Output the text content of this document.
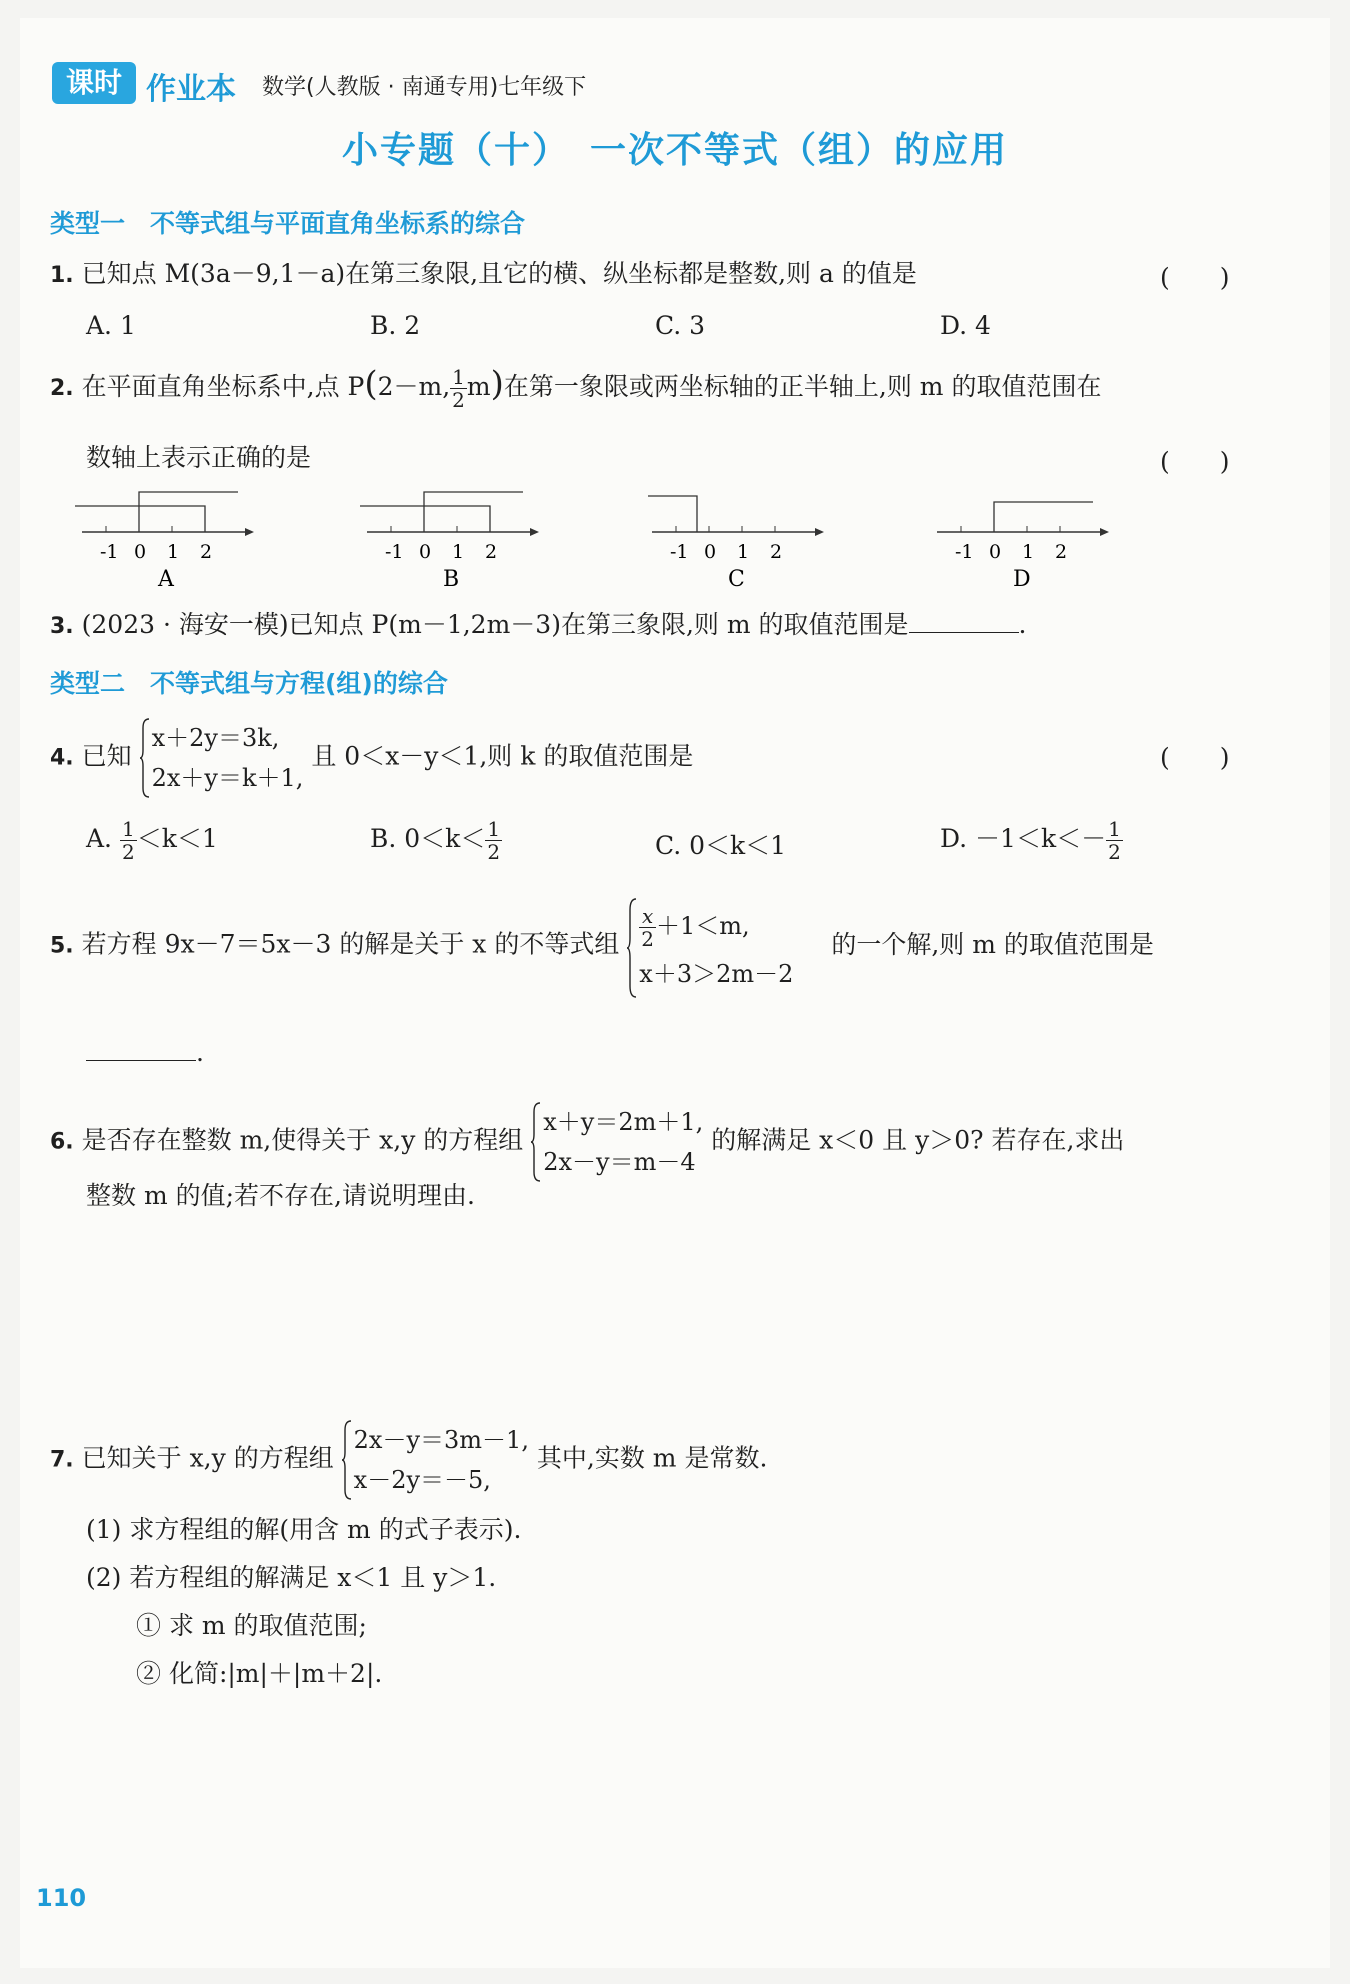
课时 作业本 数学(人教版 · 南通专用)七年级下
小专题（十）　一次不等式（组）的应用
类型一　不等式组与平面直角坐标系的综合
1. 已知点 M(3a－9,1－a)在第三象限,且它的横、纵坐标都是整数,则 a 的值是	(　　)
A. 1	B. 2	C. 3	D. 4
2. 在平面直角坐标系中,点 P(2－m, $\frac{1}{2} m$)在第一象限或两坐标轴的正半轴上,则 m 的取值范围在
数轴上表示正确的是	(　　)
-1 0 1 2
A
-1 0 1 2
B
-1 0 1 2
C
-1 0 1 2
D
3. (2023 · 海安一模)已知点 P(m－1,2m－3)在第三象限,则 m 的取值范围是	.
类型二　不等式组与方程(组)的综合
4. 已知
x＋2y＝3k,
2x＋y＝k＋1,
且 0＜x－y＜1,则 k 的取值范围是	(　　)
A. $\frac{1}{2} <k<1$	B. $0<k< \frac{1}{2}$	C. 0＜k＜1	D. $-1<k<- \frac{1}{2}$
5. 若方程 9x－7＝5x－3 的解是关于 x 的不等式组 $\frac{x}{2} +1<m$,
x＋3＞2m－2
的一个解,则 m 的取值范围是
.
6. 是否存在整数 m,使得关于 x,y 的方程组
x＋y＝2m＋1,
2x－y＝m－4
的解满足 x＜0 且 y＞0? 若存在,求出
整数 m 的值;若不存在,请说明理由.
7. 已知关于 x,y 的方程组
2x－y＝3m－1,
x－2y＝－5,
其中,实数 m 是常数.
(1) 求方程组的解(用含 m 的式子表示).
(2) 若方程组的解满足 x＜1 且 y＞1.
① 求 m 的取值范围;
② 化简:|m|＋|m＋2|.
110
